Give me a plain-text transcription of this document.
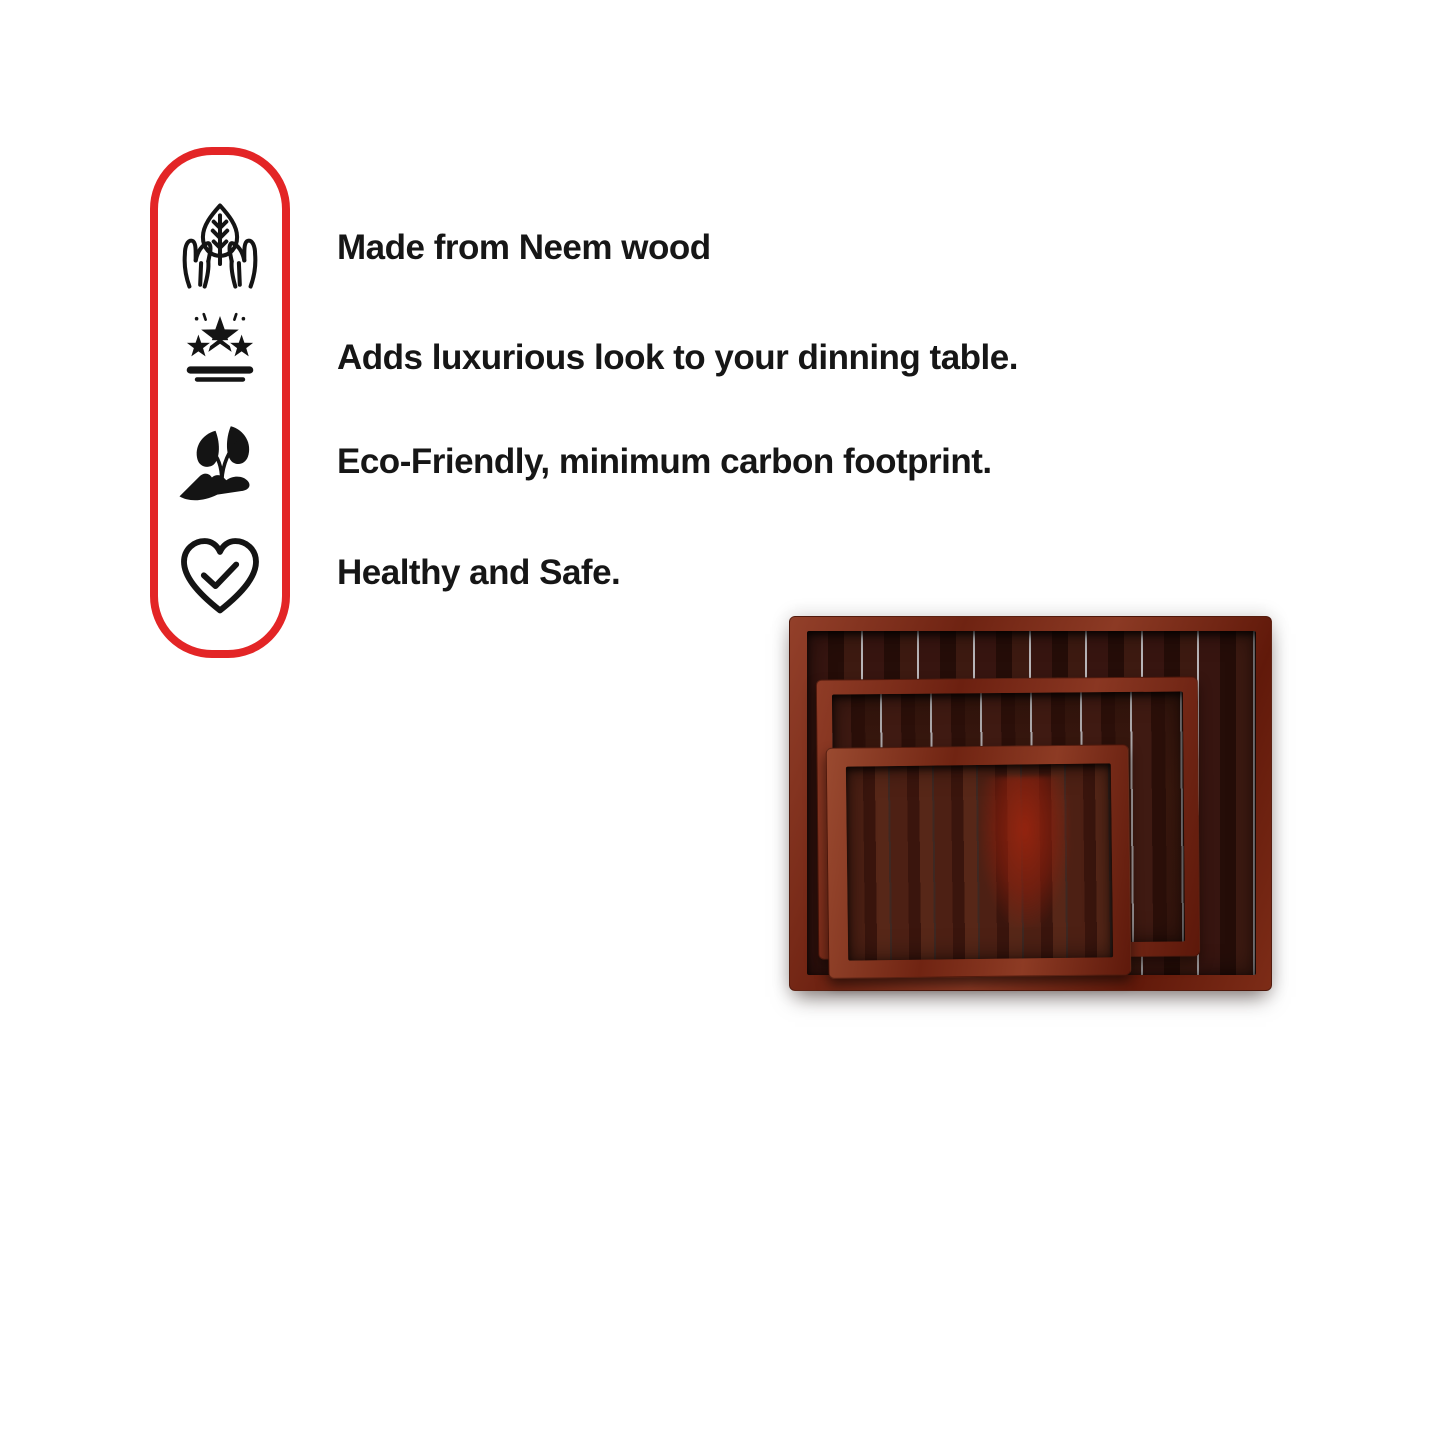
Made from Neem wood
Adds luxurious look to your dinning table.
Eco-Friendly, minimum carbon footprint.
Healthy and Safe.
